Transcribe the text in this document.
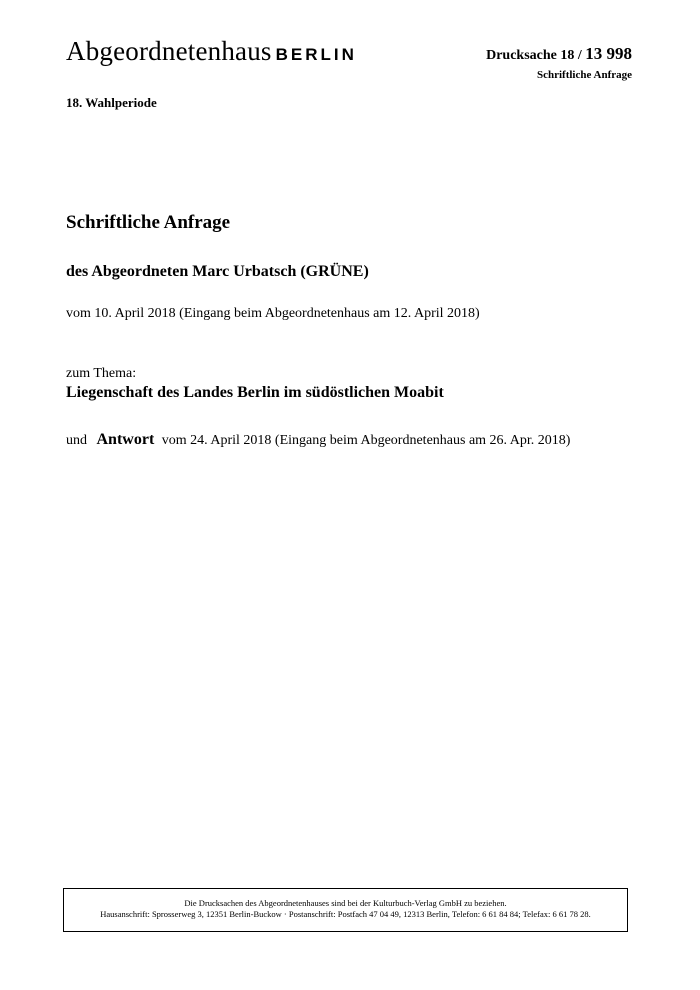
Abgeordnetenhaus BERLIN	Drucksache 18 / 13 998
Schriftliche Anfrage
18. Wahlperiode
Schriftliche Anfrage
des Abgeordneten Marc Urbatsch (GRÜNE)
vom 10. April 2018 (Eingang beim Abgeordnetenhaus am 12. April 2018)
zum Thema:
Liegenschaft des Landes Berlin im südöstlichen Moabit
und Antwort vom 24. April 2018 (Eingang beim Abgeordnetenhaus am 26. Apr. 2018)
Die Drucksachen des Abgeordnetenhauses sind bei der Kulturbuch-Verlag GmbH zu beziehen.
Hausanschrift: Sprosserweg 3, 12351 Berlin-Buckow · Postanschrift: Postfach 47 04 49, 12313 Berlin, Telefon: 6 61 84 84; Telefax: 6 61 78 28.
